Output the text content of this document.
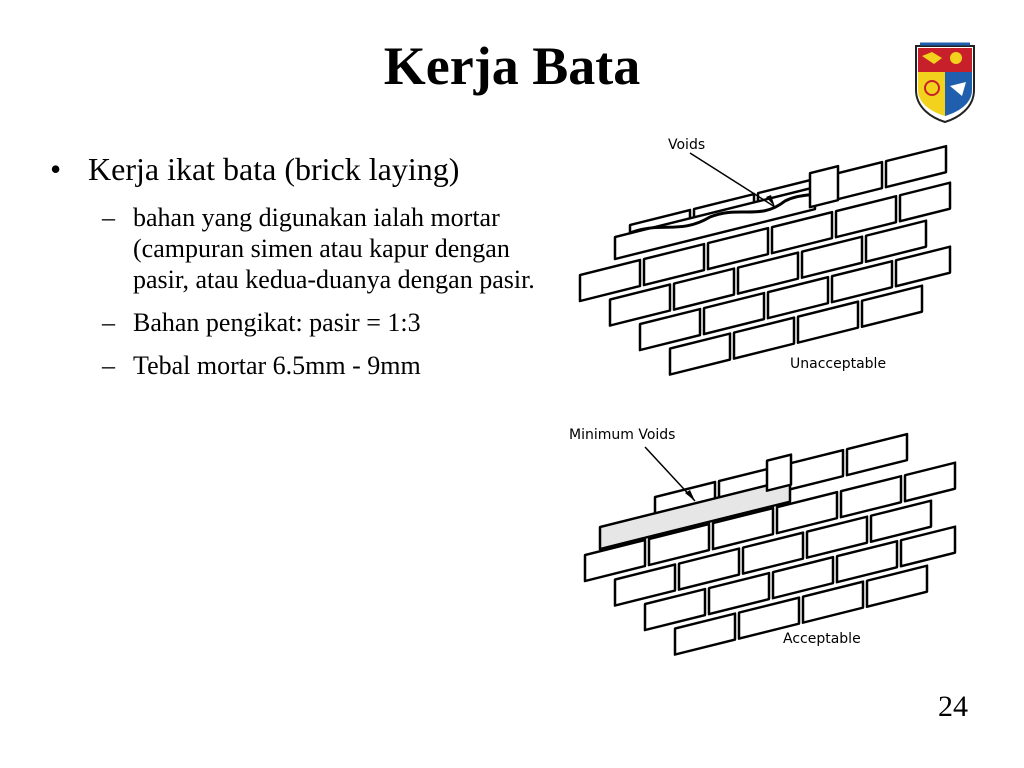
Kerja Bata
• Kerja ikat bata (brick laying)
– bahan yang digunakan ialah mortar (campuran simen atau kapur dengan pasir, atau kedua-duanya dengan pasir.
– Bahan pengikat: pasir = 1:3
– Tebal mortar 6.5mm - 9mm
Voids
Unacceptable
Minimum Voids
Acceptable
24
